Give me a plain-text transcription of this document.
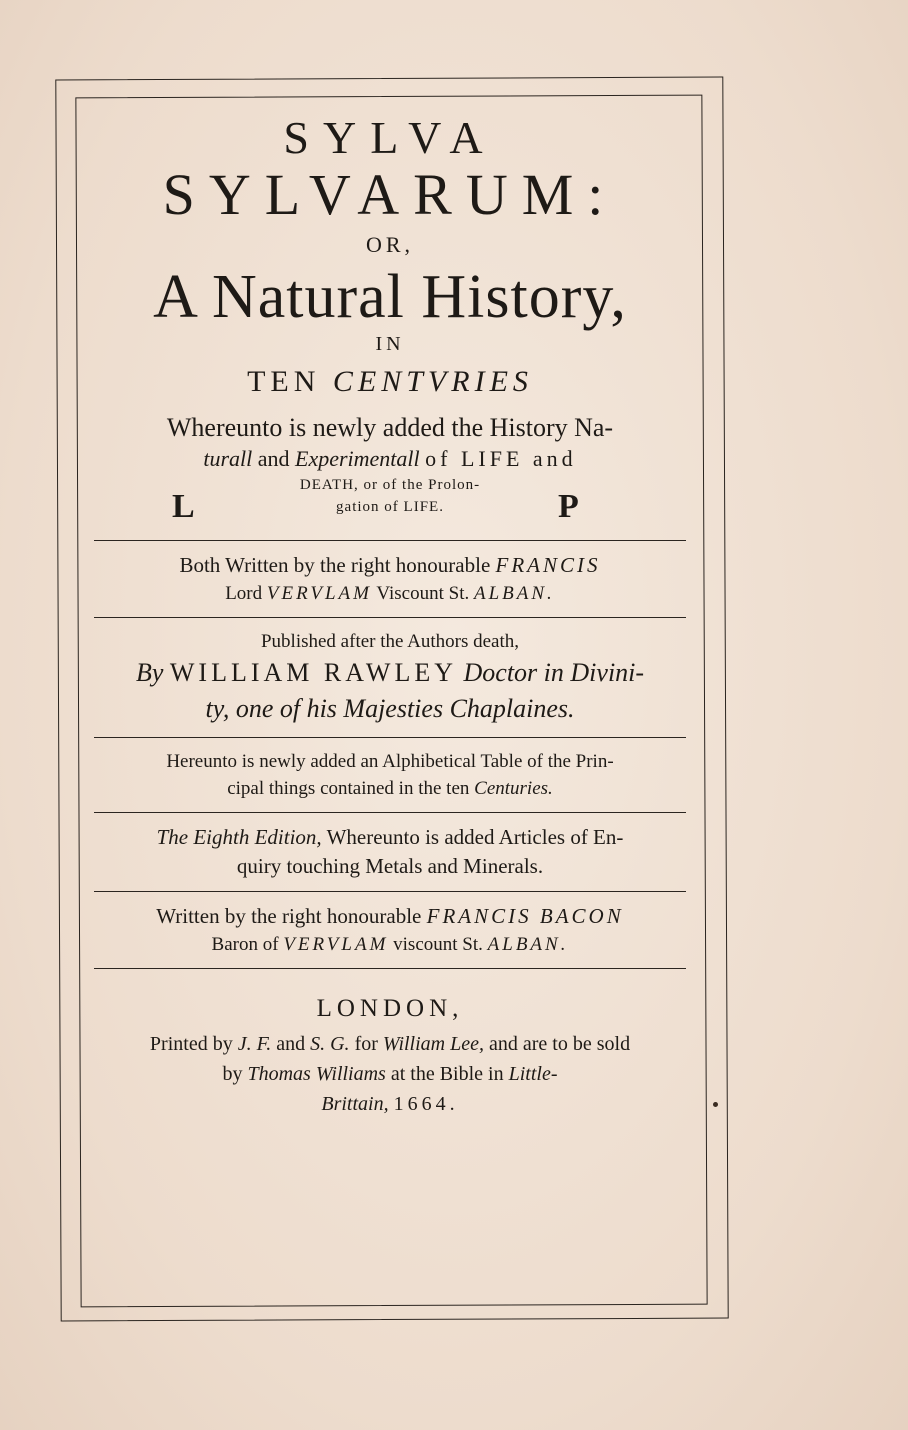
SYLVA

SYLVARUM:

OR,

A Natural History,

IN

TEN CENTVRIES

Whereunto is newly added the History Na-

turall and Experimentall of LIFE and

L

DEATH, or of the Prolon-

gation of LIFE.	P

Both Written by the right honourable FRANCIS

Lord VERVLAM Viscount St. ALBAN.

Published after the Authors death,

By WILLIAM RAWLEY Doctor in Divini-

ty, one of his Majesties Chaplaines.

Hereunto is newly added an Alphibetical Table of the Prin-

cipal things contained in the ten Centuries.

The Eighth Edition, Whereunto is added Articles of En-

quiry touching Metals and Minerals.

Written by the right honourable FRANCIS BACON

Baron of VERVLAM viscount St. ALBAN.

LONDON,

Printed by J. F. and S. G. for William Lee, and are to be sold

by Thomas Williams at the Bible in Little-

Brittain, 1664.
